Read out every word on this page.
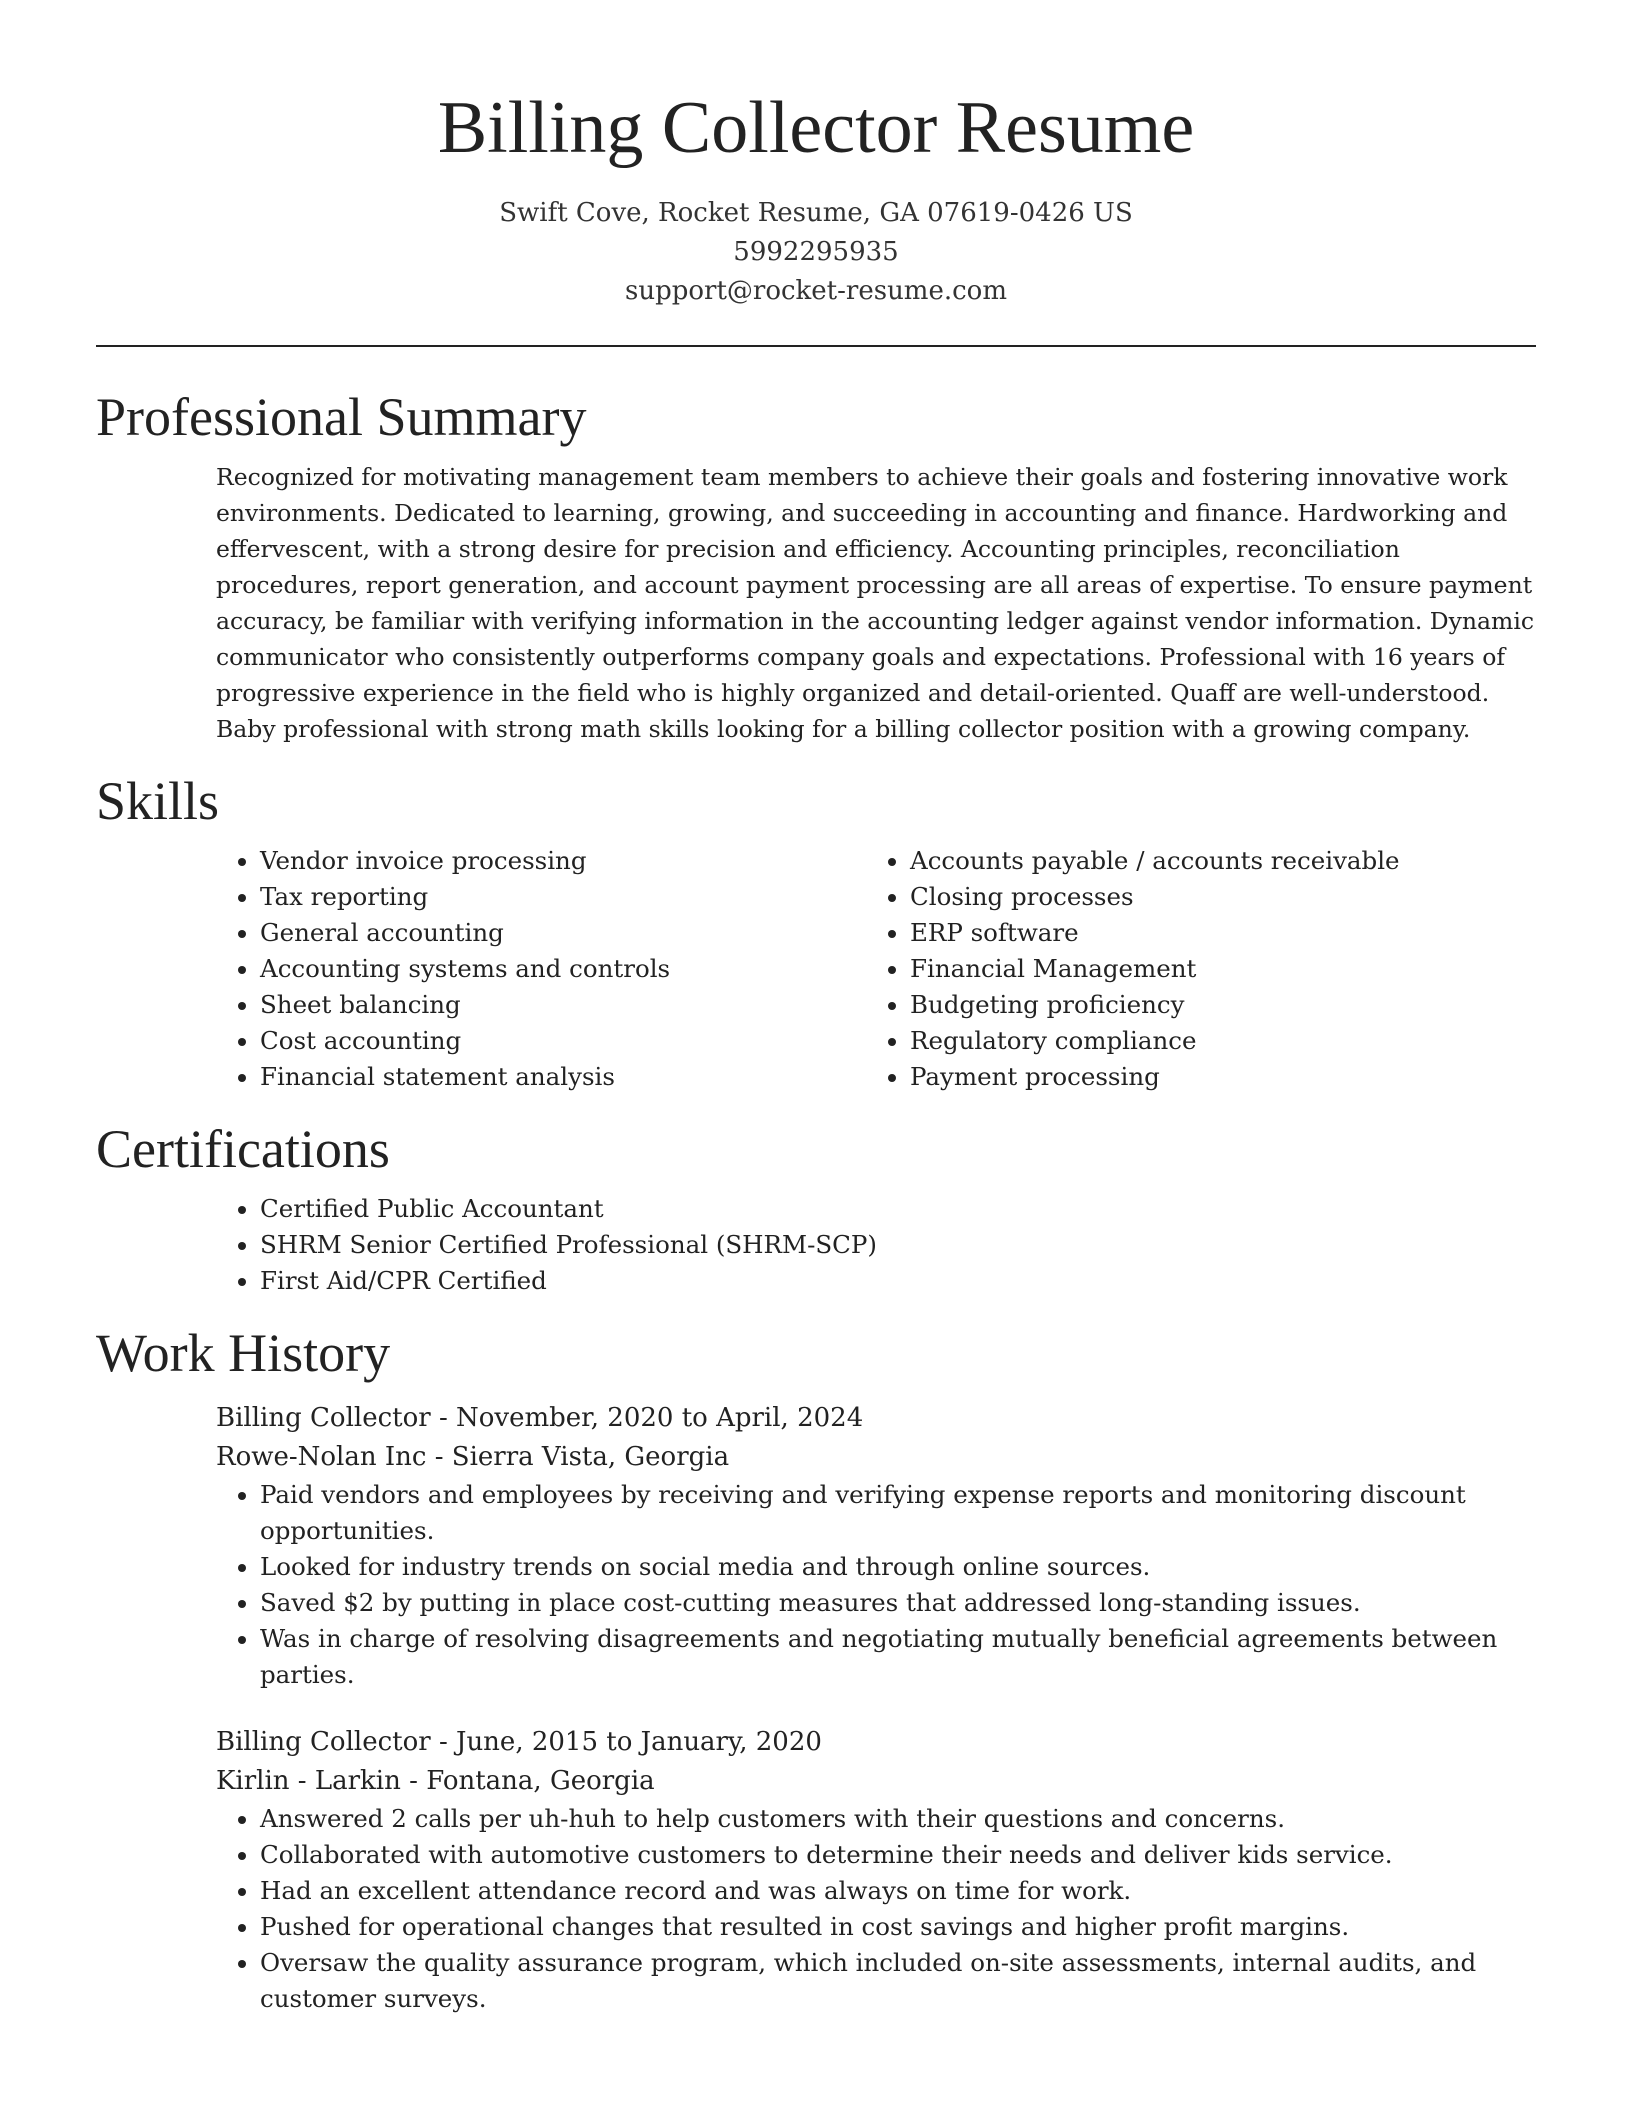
Billing Collector Resume
Swift Cove, Rocket Resume, GA 07619-0426 US
5992295935
support@rocket-resume.com
Professional Summary

Recognized for motivating management team members to achieve their goals and fostering innovative work environments. Dedicated to learning, growing, and succeeding in accounting and finance. Hardworking and effervescent, with a strong desire for precision and efficiency. Accounting principles, reconciliation procedures, report generation, and account payment processing are all areas of expertise. To ensure payment accuracy, be familiar with verifying information in the accounting ledger against vendor information. Dynamic communicator who consistently outperforms company goals and expectations. Professional with 16 years of progressive experience in the field who is highly organized and detail-oriented. Quaff are well-understood. Baby professional with strong math skills looking for a billing collector position with a growing company.

Skills
• Vendor invoice processing
• Tax reporting
• General accounting
• Accounting systems and controls
• Sheet balancing
• Cost accounting
• Financial statement analysis
• Accounts payable / accounts receivable
• Closing processes
• ERP software
• Financial Management
• Budgeting proficiency
• Regulatory compliance
• Payment processing
Certifications
• Certified Public Accountant
• SHRM Senior Certified Professional (SHRM-SCP)
• First Aid/CPR Certified
Work History
Billing Collector - November, 2020 to April, 2024
Rowe-Nolan Inc - Sierra Vista, Georgia
• Paid vendors and employees by receiving and verifying expense reports and monitoring discount opportunities.
• Looked for industry trends on social media and through online sources.
• Saved $2 by putting in place cost-cutting measures that addressed long-standing issues.
• Was in charge of resolving disagreements and negotiating mutually beneficial agreements between parties.
Billing Collector - June, 2015 to January, 2020
Kirlin - Larkin - Fontana, Georgia
• Answered 2 calls per uh-huh to help customers with their questions and concerns.
• Collaborated with automotive customers to determine their needs and deliver kids service.
• Had an excellent attendance record and was always on time for work.
• Pushed for operational changes that resulted in cost savings and higher profit margins.
• Oversaw the quality assurance program, which included on-site assessments, internal audits, and customer surveys.
